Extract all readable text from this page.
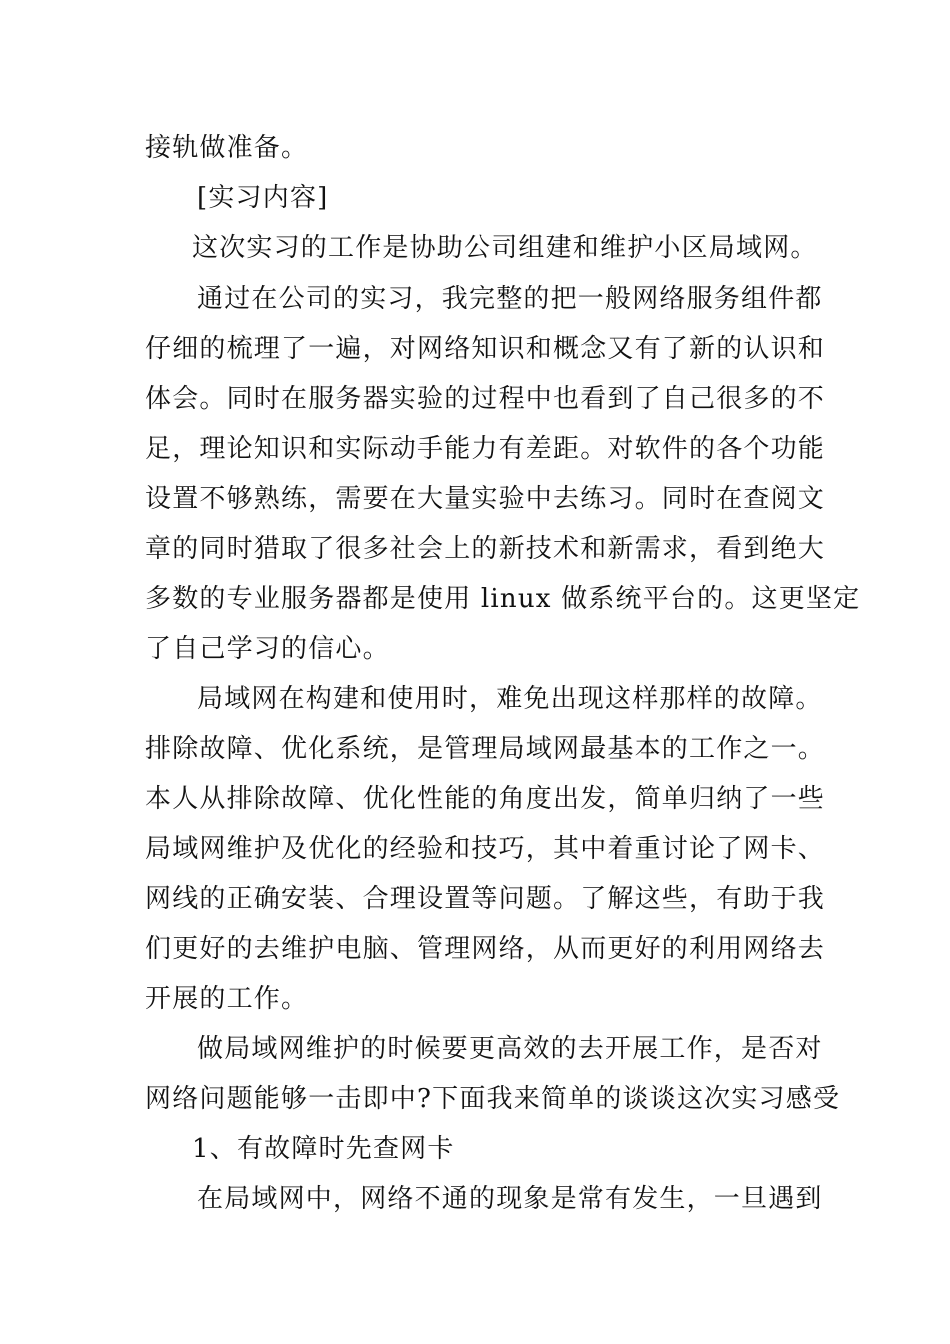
接轨做准备。
[实习内容]
这次实习的工作是协助公司组建和维护小区局域网。
通过在公司的实习，我完整的把一般网络服务组件都
仔细的梳理了一遍，对网络知识和概念又有了新的认识和
体会。同时在服务器实验的过程中也看到了自己很多的不
足，理论知识和实际动手能力有差距。对软件的各个功能
设置不够熟练，需要在大量实验中去练习。同时在查阅文
章的同时猎取了很多社会上的新技术和新需求，看到绝大
多数的专业服务器都是使用 linux 做系统平台的。这更坚定
了自己学习的信心。
局域网在构建和使用时，难免出现这样那样的故障。
排除故障、优化系统，是管理局域网最基本的工作之一。
本人从排除故障、优化性能的角度出发，简单归纳了一些
局域网维护及优化的经验和技巧，其中着重讨论了网卡、
网线的正确安装、合理设置等问题。了解这些，有助于我
们更好的去维护电脑、管理网络，从而更好的利用网络去
开展的工作。
做局域网维护的时候要更高效的去开展工作，是否对
网络问题能够一击即中?下面我来简单的谈谈这次实习感受
1、有故障时先查网卡
在局域网中，网络不通的现象是常有发生，一旦遇到
